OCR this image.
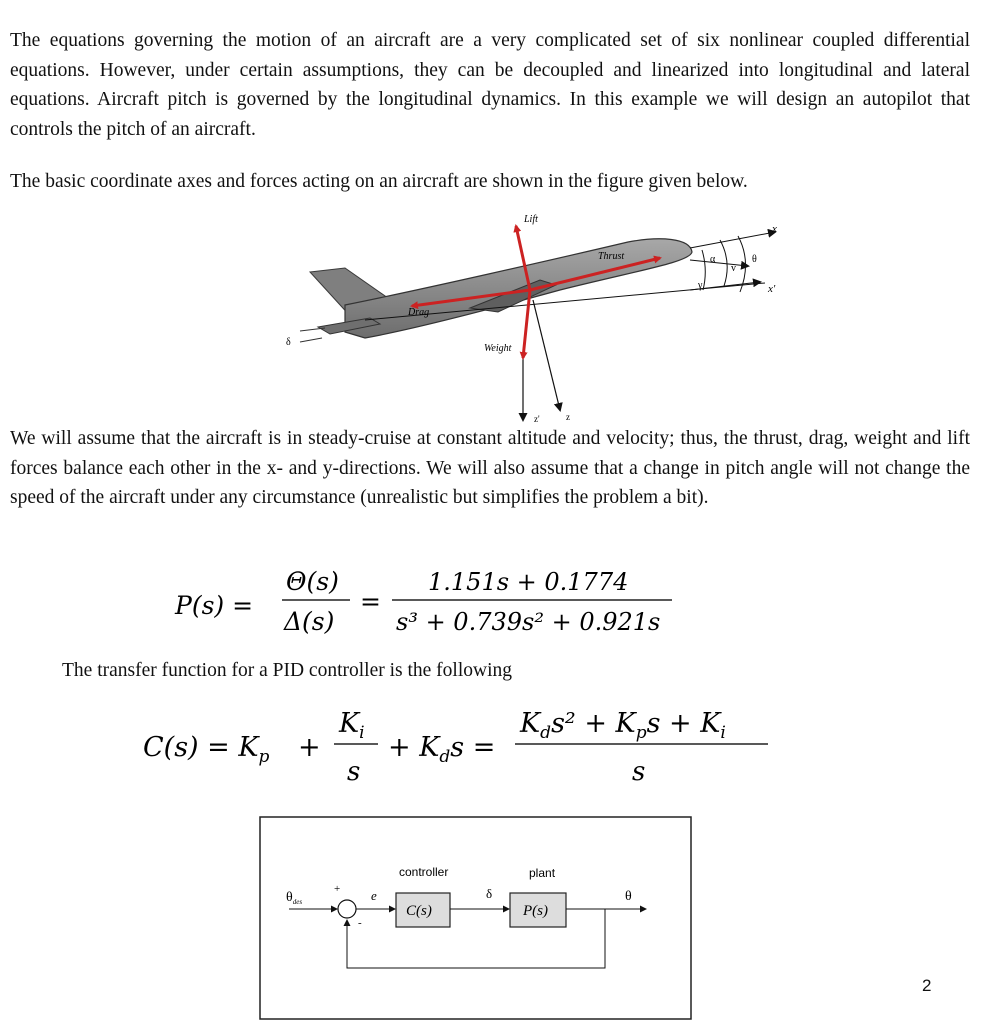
The equations governing the motion of an aircraft are a very complicated set of six nonlinear coupled differential equations. However, under certain assumptions, they can be decoupled and linearized into longitudinal and lateral equations. Aircraft pitch is governed by the longitudinal dynamics. In this example we will design an autopilot that controls the pitch of an aircraft.

The basic coordinate axes and forces acting on an aircraft are shown in the figure given below.

δ
α
v
θ
γ
x
x'
z'	z
Lift
Thrust
Drag
Weight

We will assume that the aircraft is in steady-cruise at constant altitude and velocity; thus, the thrust, drag, weight and lift forces balance each other in the x- and y-directions. We will also assume that a change in pitch angle will not change the speed of the aircraft under any circumstance (unrealistic but simplifies the problem a bit).

P(s) =
Θ(s)
Δ(s)
=
1.151s + 0.1774
s³ + 0.739s² + 0.921s

The transfer function for a PID controller is the following

$C(s) = K_p$ +
$K_i$
s
+ $K_ds$ =
$K_ds^2 + K_ps + K_i$
s
$\theta_{des}$
+
-
e
controller
C(s)
δ
plant
P(s)
θ
2
